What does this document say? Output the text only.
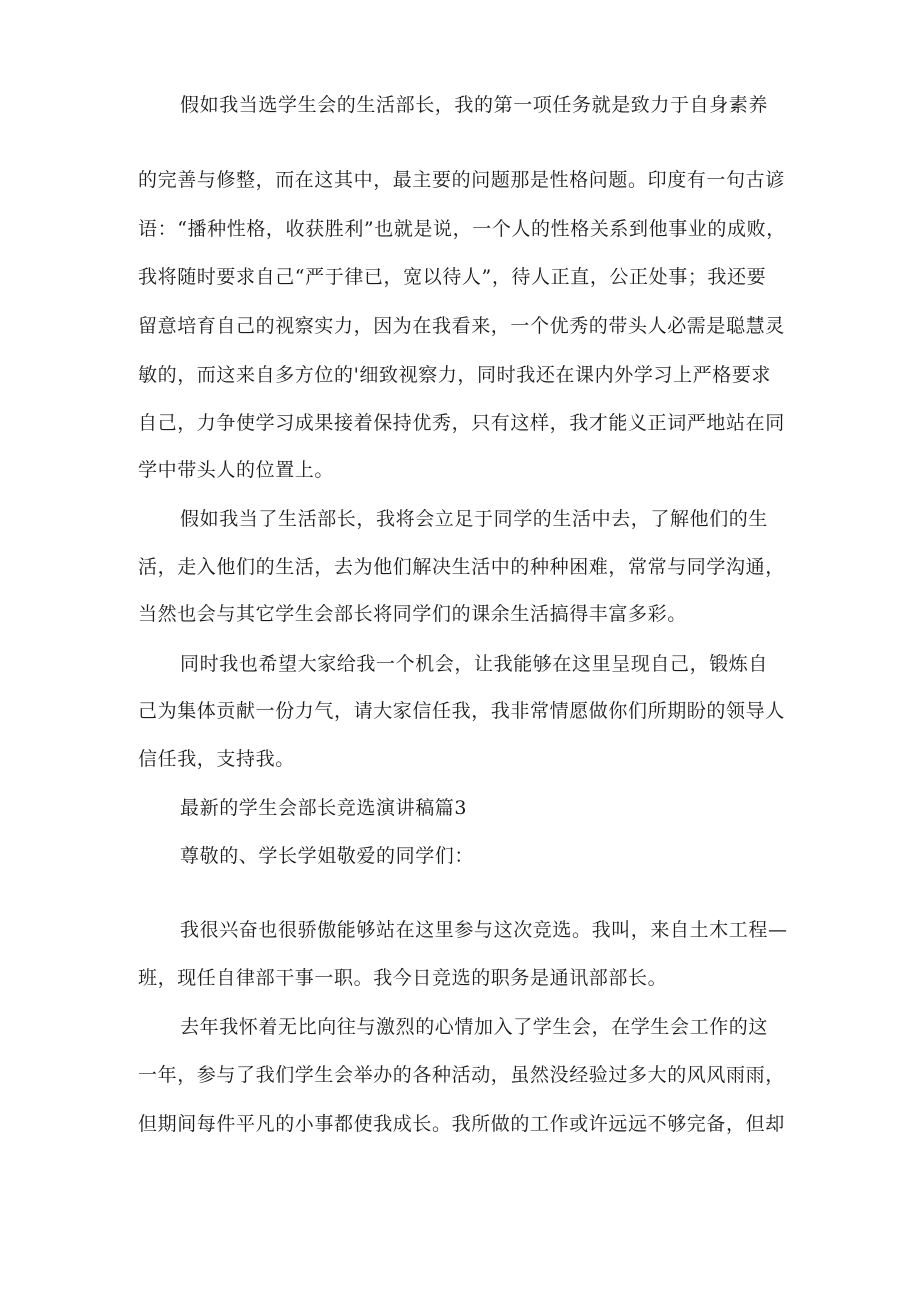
假如我当选学生会的生活部长，我的第一项任务就是致力于自身素养
的完善与修整，而在这其中，最主要的问题那是性格问题。印度有一句古谚
语：“播种性格，收获胜利”也就是说，一个人的性格关系到他事业的成败，
我将随时要求自己“严于律已，宽以待人”，待人正直，公正处事；我还要
留意培育自己的视察实力，因为在我看来，一个优秀的带头人必需是聪慧灵
敏的，而这来自多方位的'细致视察力，同时我还在课内外学习上严格要求
自己，力争使学习成果接着保持优秀，只有这样，我才能义正词严地站在同
学中带头人的位置上。
假如我当了生活部长，我将会立足于同学的生活中去，了解他们的生
活，走入他们的生活，去为他们解决生活中的种种困难，常常与同学沟通，
当然也会与其它学生会部长将同学们的课余生活搞得丰富多彩。
同时我也希望大家给我一个机会，让我能够在这里呈现自己，锻炼自
己为集体贡献一份力气，请大家信任我，我非常情愿做你们所期盼的领导人
信任我，支持我。
最新的学生会部长竞选演讲稿篇3
尊敬的、学长学姐敬爱的同学们：
我很兴奋也很骄傲能够站在这里参与这次竞选。我叫，来自土木工程—
班，现任自律部干事一职。我今日竞选的职务是通讯部部长。
去年我怀着无比向往与激烈的心情加入了学生会，在学生会工作的这
一年，参与了我们学生会举办的各种活动，虽然没经验过多大的风风雨雨，
但期间每件平凡的小事都使我成长。我所做的工作或许远远不够完备，但却
